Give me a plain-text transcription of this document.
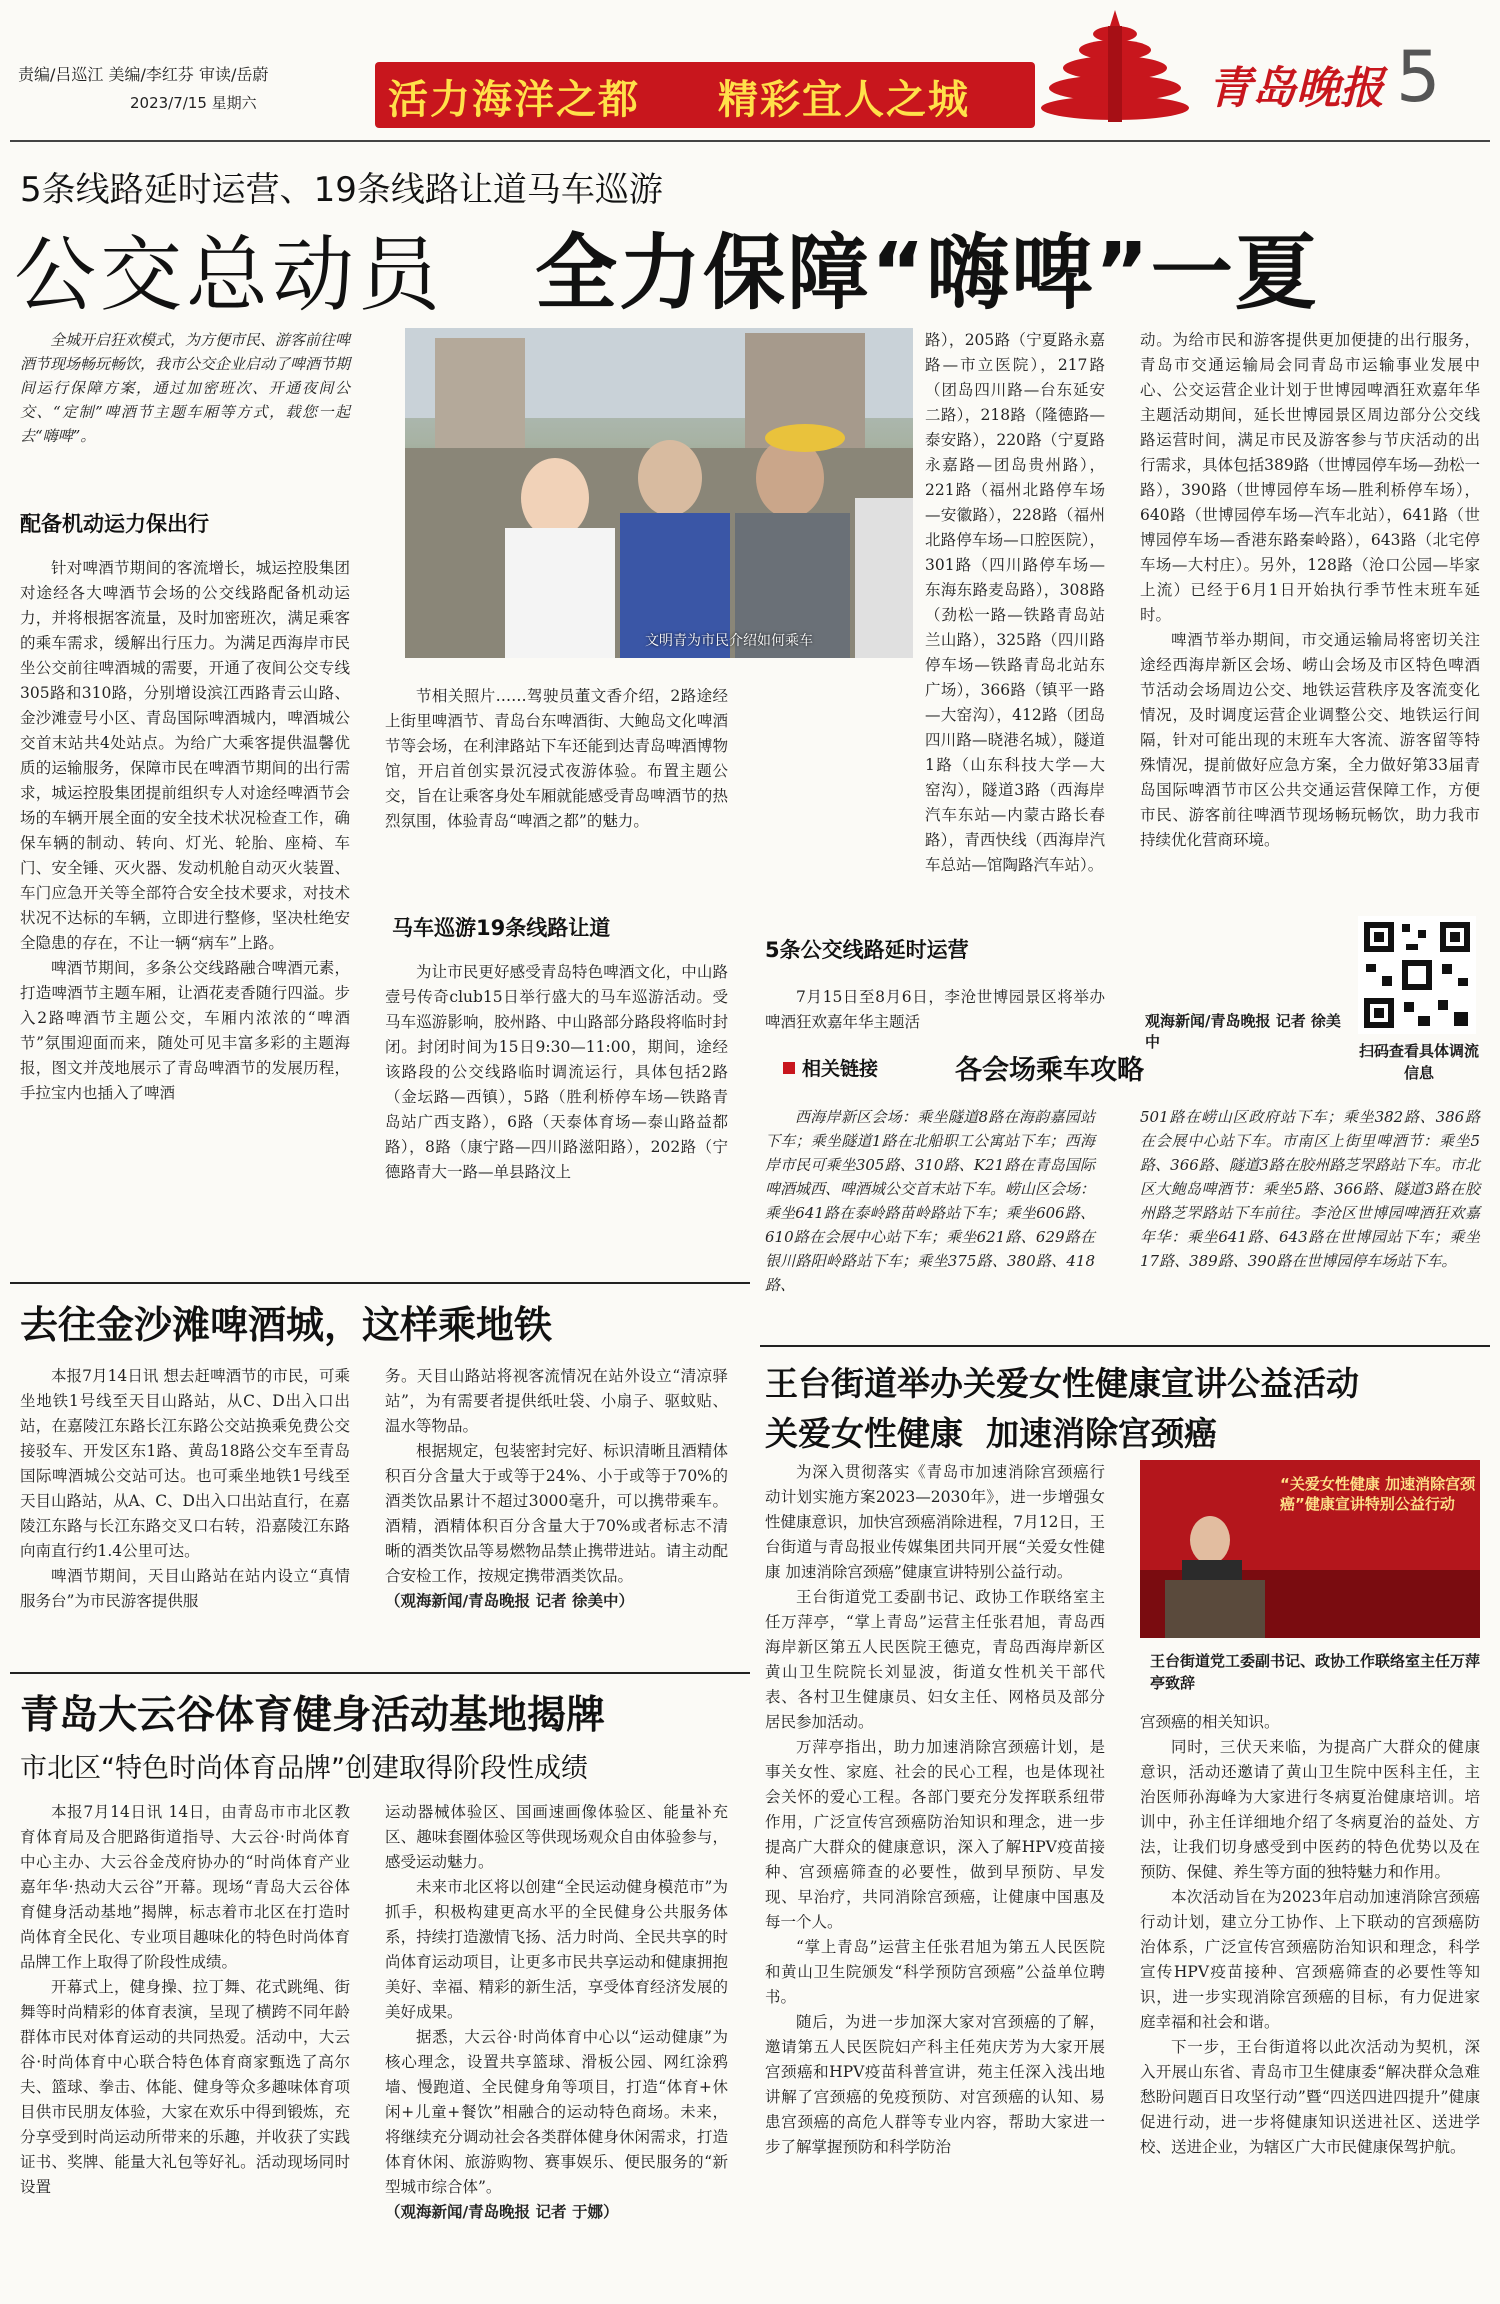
责编/吕巡江 美编/李红芬 审读/岳蔚
2023/7/15 星期六	活力海洋之都 精彩宜人之城	青岛晚报 5
5条线路延时运营、19条线路让道马车巡游
公交总动员 全力保障“嗨啤”一夏

全城开启狂欢模式，为方便市民、游客前往啤酒节现场畅玩畅饮，我市公交企业启动了啤酒节期间运行保障方案，通过加密班次、开通夜间公交、“定制”啤酒节主题车厢等方式，载您一起去“嗨啤”。

配备机动运力保出行

针对啤酒节期间的客流增长，城运控股集团对途经各大啤酒节会场的公交线路配备机动运力，并将根据客流量，及时加密班次，满足乘客的乘车需求，缓解出行压力。为满足西海岸市民坐公交前往啤酒城的需要，开通了夜间公交专线305路和310路，分别增设滨江西路青云山路、金沙滩壹号小区、青岛国际啤酒城内，啤酒城公交首末站共4处站点。为给广大乘客提供温馨优质的运输服务，保障市民在啤酒节期间的出行需求，城运控股集团提前组织专人对途经啤酒节会场的车辆开展全面的安全技术状况检查工作，确保车辆的制动、转向、灯光、轮胎、座椅、车门、安全锤、灭火器、发动机舱自动灭火装置、车门应急开关等全部符合安全技术要求，对技术状况不达标的车辆，立即进行整修，坚决杜绝安全隐患的存在，不让一辆“病车”上路。

啤酒节期间，多条公交线路融合啤酒元素，打造啤酒节主题车厢，让酒花麦香随行四溢。步入2路啤酒节主题公交，车厢内浓浓的“啤酒节”氛围迎面而来，随处可见丰富多彩的主题海报，图文并茂地展示了青岛啤酒节的发展历程，手拉宝内也插入了啤酒

文明青为市民介绍如何乘车

节相关照片……驾驶员董文香介绍，2路途经上街里啤酒节、青岛台东啤酒街、大鲍岛文化啤酒节等会场，在利津路站下车还能到达青岛啤酒博物馆，开启首创实景沉浸式夜游体验。布置主题公交，旨在让乘客身处车厢就能感受青岛啤酒节的热烈氛围，体验青岛“啤酒之都”的魅力。

马车巡游19条线路让道

为让市民更好感受青岛特色啤酒文化，中山路壹号传奇club15日举行盛大的马车巡游活动。受马车巡游影响，胶州路、中山路部分路段将临时封闭。封闭时间为15日9:30—11:00，期间，途经该路段的公交线路临时调流运行，具体包括2路（金坛路—西镇），5路（胜利桥停车场—铁路青岛站广西支路），6路（天泰体育场—泰山路益都路），8路（康宁路—四川路滋阳路），202路（宁德路青大一路—单县路汶上

路），205路（宁夏路永嘉路—市立医院），217路（团岛四川路—台东延安二路），218路（隆德路—泰安路），220路（宁夏路永嘉路—团岛贵州路），221路（福州北路停车场—安徽路），228路（福州北路停车场—口腔医院），301路（四川路停车场—东海东路麦岛路），308路（劲松一路—铁路青岛站兰山路），325路（四川路停车场—铁路青岛北站东广场），366路（镇平一路—大窑沟），412路（团岛四川路—晓港名城），隧道1路（山东科技大学—大窑沟），隧道3路（西海岸汽车东站—内蒙古路长春路），青西快线（西海岸汽车总站—馆陶路汽车站）。

5条公交线路延时运营

7月15日至8月6日，李沧世博园景区将举办啤酒狂欢嘉年华主题活

动。为给市民和游客提供更加便捷的出行服务，青岛市交通运输局会同青岛市运输事业发展中心、公交运营企业计划于世博园啤酒狂欢嘉年华主题活动期间，延长世博园景区周边部分公交线路运营时间，满足市民及游客参与节庆活动的出行需求，具体包括389路（世博园停车场—劲松一路），390路（世博园停车场—胜利桥停车场），640路（世博园停车场—汽车北站），641路（世博园停车场—香港东路秦岭路），643路（北宅停车场—大村庄）。另外，128路（沧口公园—毕家上流）已经于6月1日开始执行季节性末班车延时。

啤酒节举办期间，市交通运输局将密切关注途经西海岸新区会场、崂山会场及市区特色啤酒节活动会场周边公交、地铁运营秩序及客流变化情况，及时调度运营企业调整公交、地铁运行间隔，针对可能出现的末班车大客流、游客留等特殊情况，提前做好应急方案，全力做好第33届青岛国际啤酒节市区公共交通运营保障工作，方便市民、游客前往啤酒节现场畅玩畅饮，助力我市持续优化营商环境。

扫码查看具体调流信息
相关链接	各会场乘车攻略

西海岸新区会场：乘坐隧道8路在海韵嘉园站下车；乘坐隧道1路在北船职工公寓站下车；西海岸市民可乘坐305路、310路、K21路在青岛国际啤酒城西、啤酒城公交首末站下车。崂山区会场：乘坐641路在泰岭路苗岭路站下车；乘坐606路、610路在会展中心站下车；乘坐621路、629路在银川路阳岭路站下车；乘坐375路、380路、418路、

501路在崂山区政府站下车；乘坐382路、386路在会展中心站下车。市南区上街里啤酒节：乘坐5路、366路、隧道3路在胶州路芝罘路站下车。市北区大鲍岛啤酒节：乘坐5路、366路、隧道3路在胶州路芝罘路站下车前往。李沧区世博园啤酒狂欢嘉年华：乘坐641路、643路在世博园站下车；乘坐17路、389路、390路在世博园停车场站下车。

观海新闻/青岛晚报 记者 徐美中
去往金沙滩啤酒城，这样乘地铁

本报7月14日讯 想去赶啤酒节的市民，可乘坐地铁1号线至天目山路站，从C、D出入口出站，在嘉陵江东路长江东路公交站换乘免费公交接驳车、开发区东1路、黄岛18路公交车至青岛国际啤酒城公交站可达。也可乘坐地铁1号线至天目山路站，从A、C、D出入口出站直行，在嘉陵江东路与长江东路交叉口右转，沿嘉陵江东路向南直行约1.4公里可达。

啤酒节期间，天目山路站在站内设立“真情服务台”为市民游客提供服

务。天目山路站将视客流情况在站外设立“清凉驿站”，为有需要者提供纸吐袋、小扇子、驱蚊贴、温水等物品。

根据规定，包装密封完好、标识清晰且酒精体积百分含量大于或等于24%、小于或等于70%的酒类饮品累计不超过3000毫升，可以携带乘车。酒精，酒精体积百分含量大于70%或者标志不清晰的酒类饮品等易燃物品禁止携带进站。请主动配合安检工作，按规定携带酒类饮品。

（观海新闻/青岛晚报 记者 徐美中）

青岛大云谷体育健身活动基地揭牌
市北区“特色时尚体育品牌”创建取得阶段性成绩

本报7月14日讯 14日，由青岛市市北区教育体育局及合肥路街道指导、大云谷·时尚体育中心主办、大云谷金茂府协办的“时尚体育产业嘉年华·热动大云谷”开幕。现场“青岛大云谷体育健身活动基地”揭牌，标志着市北区在打造时尚体育全民化、专业项目趣味化的特色时尚体育品牌工作上取得了阶段性成绩。

开幕式上，健身操、拉丁舞、花式跳绳、街舞等时尚精彩的体育表演，呈现了横跨不同年龄群体市民对体育运动的共同热爱。活动中，大云谷·时尚体育中心联合特色体育商家甄选了高尔夫、篮球、拳击、体能、健身等众多趣味体育项目供市民朋友体验，大家在欢乐中得到锻炼，充分享受到时尚运动所带来的乐趣，并收获了实践证书、奖牌、能量大礼包等好礼。活动现场同时设置

运动器械体验区、国画速画像体验区、能量补充区、趣味套圈体验区等供现场观众自由体验参与，感受运动魅力。

未来市北区将以创建“全民运动健身模范市”为抓手，积极构建更高水平的全民健身公共服务体系，持续打造激情飞扬、活力时尚、全民共享的时尚体育运动项目，让更多市民共享运动和健康拥抱美好、幸福、精彩的新生活，享受体育经济发展的美好成果。

据悉，大云谷·时尚体育中心以“运动健康”为核心理念，设置共享篮球、滑板公园、网红涂鸦墙、慢跑道、全民健身角等项目，打造“体育+休闲+儿童+餐饮”相融合的运动特色商场。未来，将继续充分调动社会各类群体健身休闲需求，打造体育休闲、旅游购物、赛事娱乐、便民服务的“新型城市综合体”。

（观海新闻/青岛晚报 记者 于娜）

王台街道举办关爱女性健康宣讲公益活动
关爱女性健康  加速消除宫颈癌
“关爱女性健康 加速消除宫颈癌”健康宣讲特别公益行动
王台街道党工委副书记、政协工作联络室主任万萍亭致辞

为深入贯彻落实《青岛市加速消除宫颈癌行动计划实施方案2023—2030年》，进一步增强女性健康意识，加快宫颈癌消除进程，7月12日，王台街道与青岛报业传媒集团共同开展“关爱女性健康 加速消除宫颈癌”健康宣讲特别公益行动。

王台街道党工委副书记、政协工作联络室主任万萍亭，“掌上青岛”运营主任张君旭，青岛西海岸新区第五人民医院王德克，青岛西海岸新区黄山卫生院院长刘显波，街道女性机关干部代表、各村卫生健康员、妇女主任、网格员及部分居民参加活动。

万萍亭指出，助力加速消除宫颈癌计划，是事关女性、家庭、社会的民心工程，也是体现社会关怀的爱心工程。各部门要充分发挥联系纽带作用，广泛宣传宫颈癌防治知识和理念，进一步提高广大群众的健康意识，深入了解HPV疫苗接种、宫颈癌筛查的必要性，做到早预防、早发现、早治疗，共同消除宫颈癌，让健康中国惠及每一个人。

“掌上青岛”运营主任张君旭为第五人民医院和黄山卫生院颁发“科学预防宫颈癌”公益单位聘书。

随后，为进一步加深大家对宫颈癌的了解，邀请第五人民医院妇产科主任苑庆芳为大家开展宫颈癌和HPV疫苗科普宣讲，苑主任深入浅出地讲解了宫颈癌的免疫预防、对宫颈癌的认知、易患宫颈癌的高危人群等专业内容，帮助大家进一步了解掌握预防和科学防治

宫颈癌的相关知识。

同时，三伏天来临，为提高广大群众的健康意识，活动还邀请了黄山卫生院中医科主任，主治医师孙海峰为大家进行冬病夏治健康培训。培训中，孙主任详细地介绍了冬病夏治的益处、方法，让我们切身感受到中医药的特色优势以及在预防、保健、养生等方面的独特魅力和作用。

本次活动旨在为2023年启动加速消除宫颈癌行动计划，建立分工协作、上下联动的宫颈癌防治体系，广泛宣传宫颈癌防治知识和理念，科学宣传HPV疫苗接种、宫颈癌筛查的必要性等知识，进一步实现消除宫颈癌的目标，有力促进家庭幸福和社会和谐。

下一步，王台街道将以此次活动为契机，深入开展山东省、青岛市卫生健康委“解决群众急难愁盼问题百日攻坚行动”暨“四送四进四提升”健康促进行动，进一步将健康知识送进社区、送进学校、送进企业，为辖区广大市民健康保驾护航。
